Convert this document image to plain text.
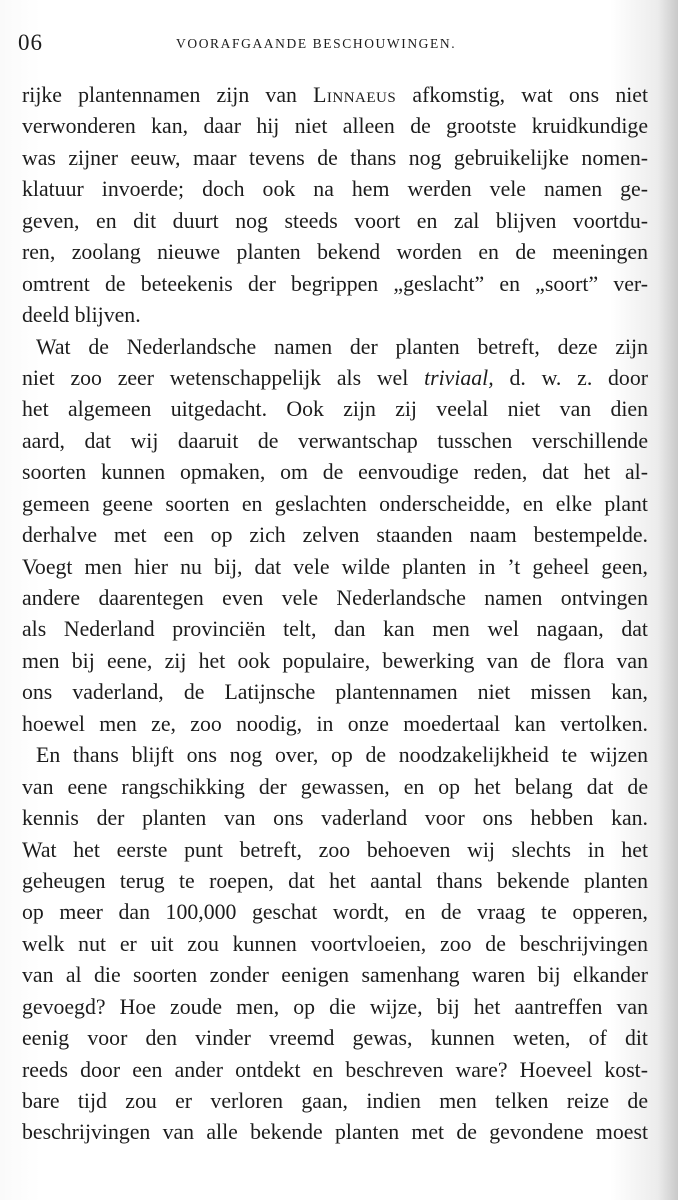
06	VOORAFGAANDE BESCHOUWINGEN.
rijke plantennamen zijn van Linnaeus afkomstig, wat ons niet
verwonderen kan, daar hij niet alleen de grootste kruidkundige
was zijner eeuw, maar tevens de thans nog gebruikelijke nomen-
klatuur invoerde; doch ook na hem werden vele namen ge-
geven, en dit duurt nog steeds voort en zal blijven voortdu-
ren, zoolang nieuwe planten bekend worden en de meeningen
omtrent de beteekenis der begrippen „geslacht” en „soort” ver-
deeld blijven.
Wat de Nederlandsche namen der planten betreft, deze zijn
niet zoo zeer wetenschappelijk als wel triviaal, d. w. z. door
het algemeen uitgedacht. Ook zijn zij veelal niet van dien
aard, dat wij daaruit de verwantschap tusschen verschillende
soorten kunnen opmaken, om de eenvoudige reden, dat het al-
gemeen geene soorten en geslachten onderscheidde, en elke plant
derhalve met een op zich zelven staanden naam bestempelde.
Voegt men hier nu bij, dat vele wilde planten in ’t geheel geen,
andere daarentegen even vele Nederlandsche namen ontvingen
als Nederland provinciën telt, dan kan men wel nagaan, dat
men bij eene, zij het ook populaire, bewerking van de flora van
ons vaderland, de Latijnsche plantennamen niet missen kan,
hoewel men ze, zoo noodig, in onze moedertaal kan vertolken.
En thans blijft ons nog over, op de noodzakelijkheid te wijzen
van eene rangschikking der gewassen, en op het belang dat de
kennis der planten van ons vaderland voor ons hebben kan.
Wat het eerste punt betreft, zoo behoeven wij slechts in het
geheugen terug te roepen, dat het aantal thans bekende planten
op meer dan 100,000 geschat wordt, en de vraag te opperen,
welk nut er uit zou kunnen voortvloeien, zoo de beschrijvingen
van al die soorten zonder eenigen samenhang waren bij elkander
gevoegd? Hoe zoude men, op die wijze, bij het aantreffen van
eenig voor den vinder vreemd gewas, kunnen weten, of dit
reeds door een ander ontdekt en beschreven ware? Hoeveel kost-
bare tijd zou er verloren gaan, indien men telken reize de
beschrijvingen van alle bekende planten met de gevondene moest
